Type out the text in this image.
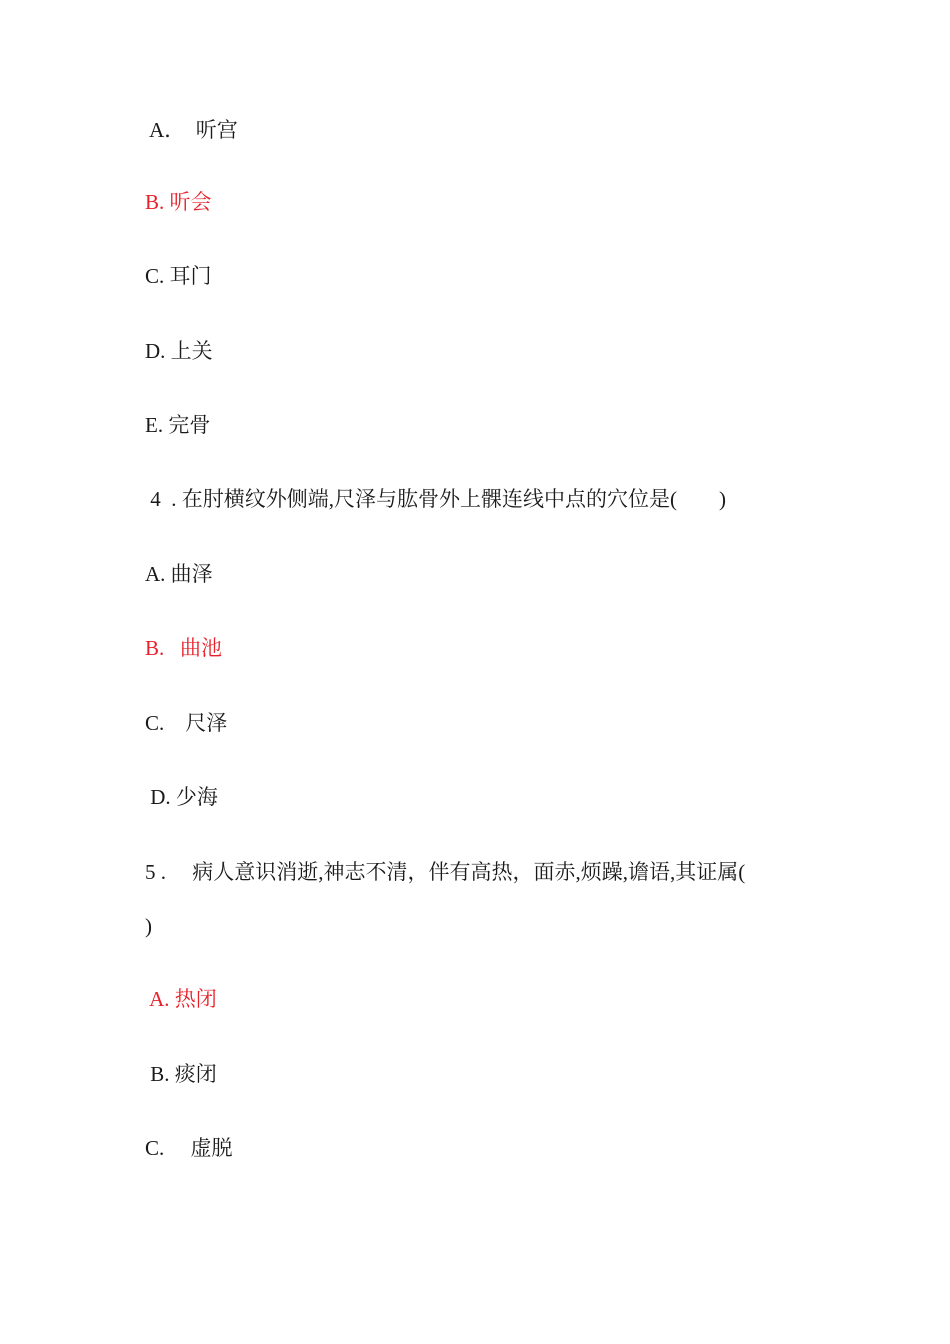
A．  听宫
B. 听会
C. 耳门
D. 上关
E. 完骨
4  . 在肘横纹外侧端,尺泽与肱骨外上髁连线中点的穴位是(        )
A. 曲泽
B.   曲池
C.    尺泽
D. 少海
5 .     病人意识消逝,神志不清，伴有高热，面赤,烦躁,谵语,其证属(
)
A. 热闭
B. 痰闭
C.     虚脱
